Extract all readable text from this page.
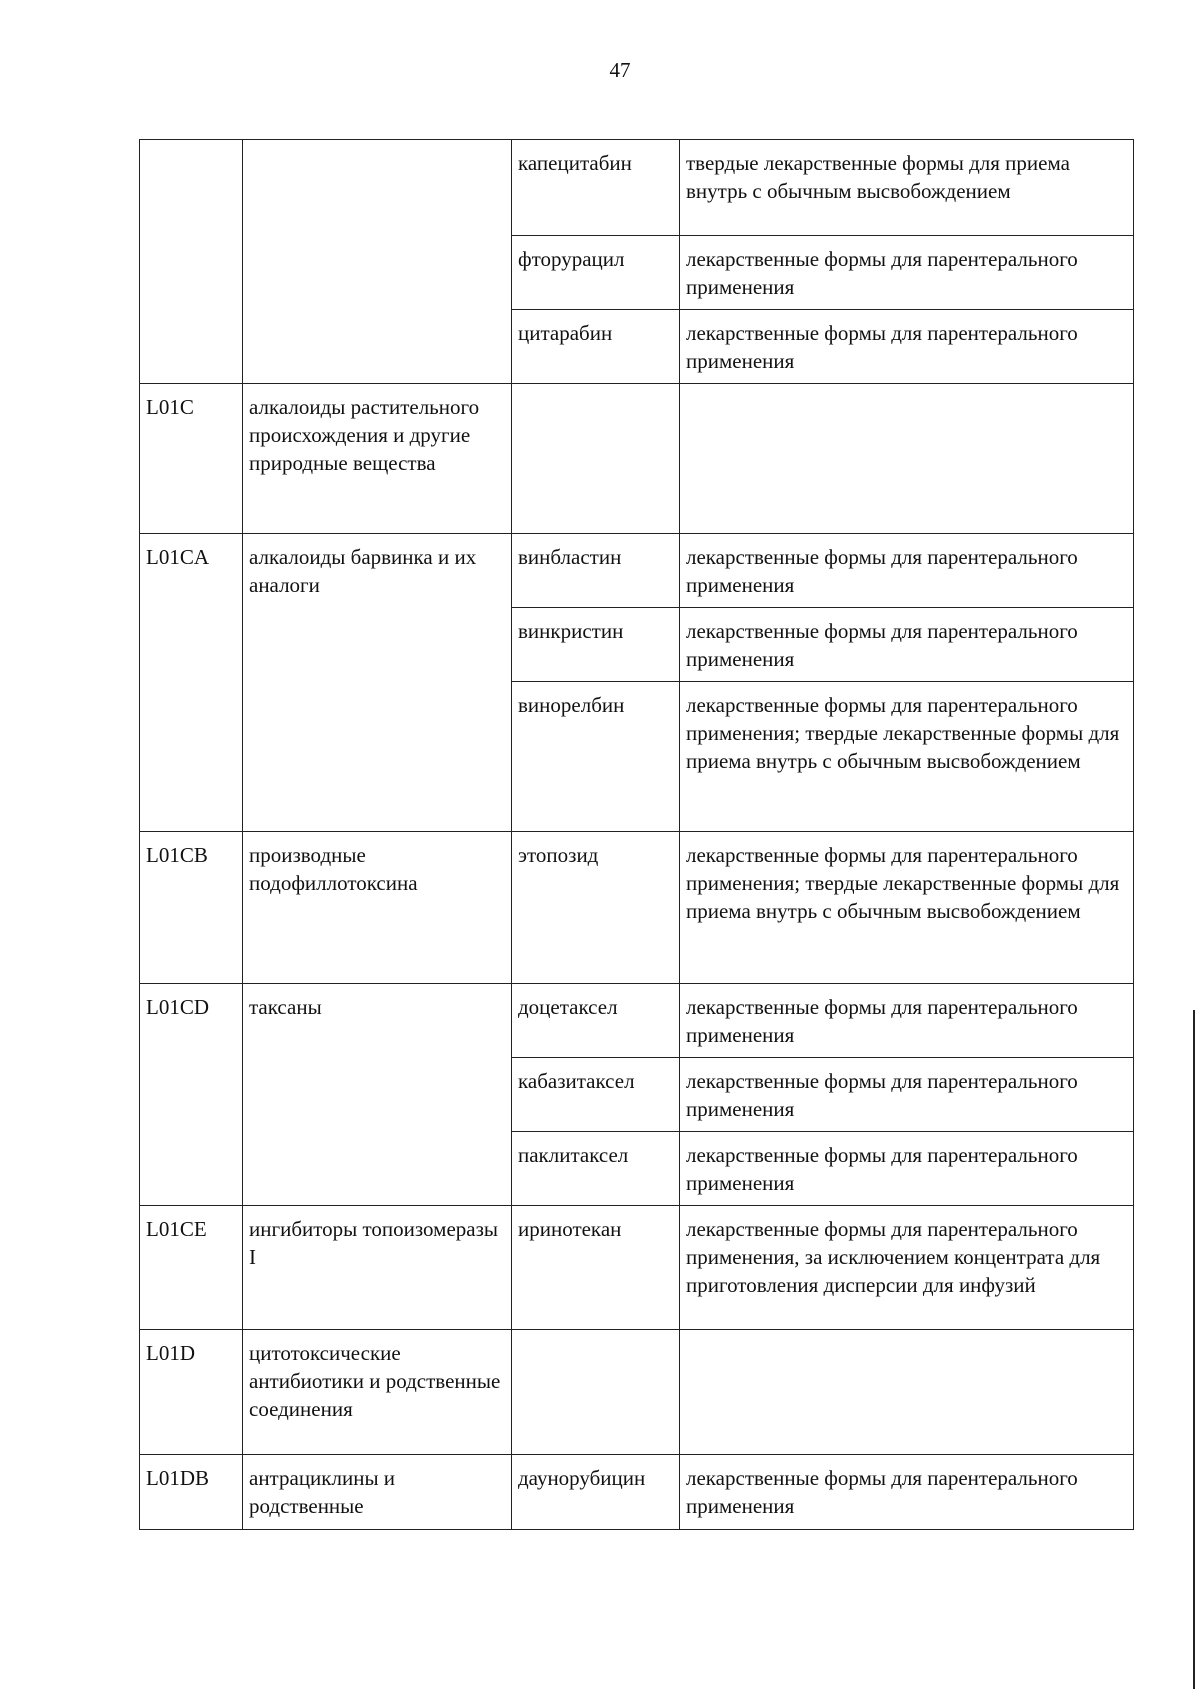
47
		капецитабин	твердые лекарственные формы для приема внутрь с обычным высвобождением
		фторурацил	лекарственные формы для парентерального применения
		цитарабин	лекарственные формы для парентерального применения
L01C	алкалоиды растительного происхождения и другие природные вещества		
L01CA	алкалоиды барвинка и их аналоги	винбластин	лекарственные формы для парентерального применения
		винкристин	лекарственные формы для парентерального применения
		винорелбин	лекарственные формы для парентерального применения; твердые лекарственные формы для приема внутрь с обычным высвобождением
L01CB	производные подофиллотоксина	этопозид	лекарственные формы для парентерального применения; твердые лекарственные формы для приема внутрь с обычным высвобождением
L01CD	таксаны	доцетаксел	лекарственные формы для парентерального применения
		кабазитаксел	лекарственные формы для парентерального применения
		паклитаксел	лекарственные формы для парентерального применения
L01CE	ингибиторы топоизомеразы I	иринотекан	лекарственные формы для парентерального применения, за исключением концентрата для приготовления дисперсии для инфузий
L01D	цитотоксические антибиотики и родственные соединения		
L01DB	антрациклины и родственные	даунорубицин	лекарственные формы для парентерального применения
